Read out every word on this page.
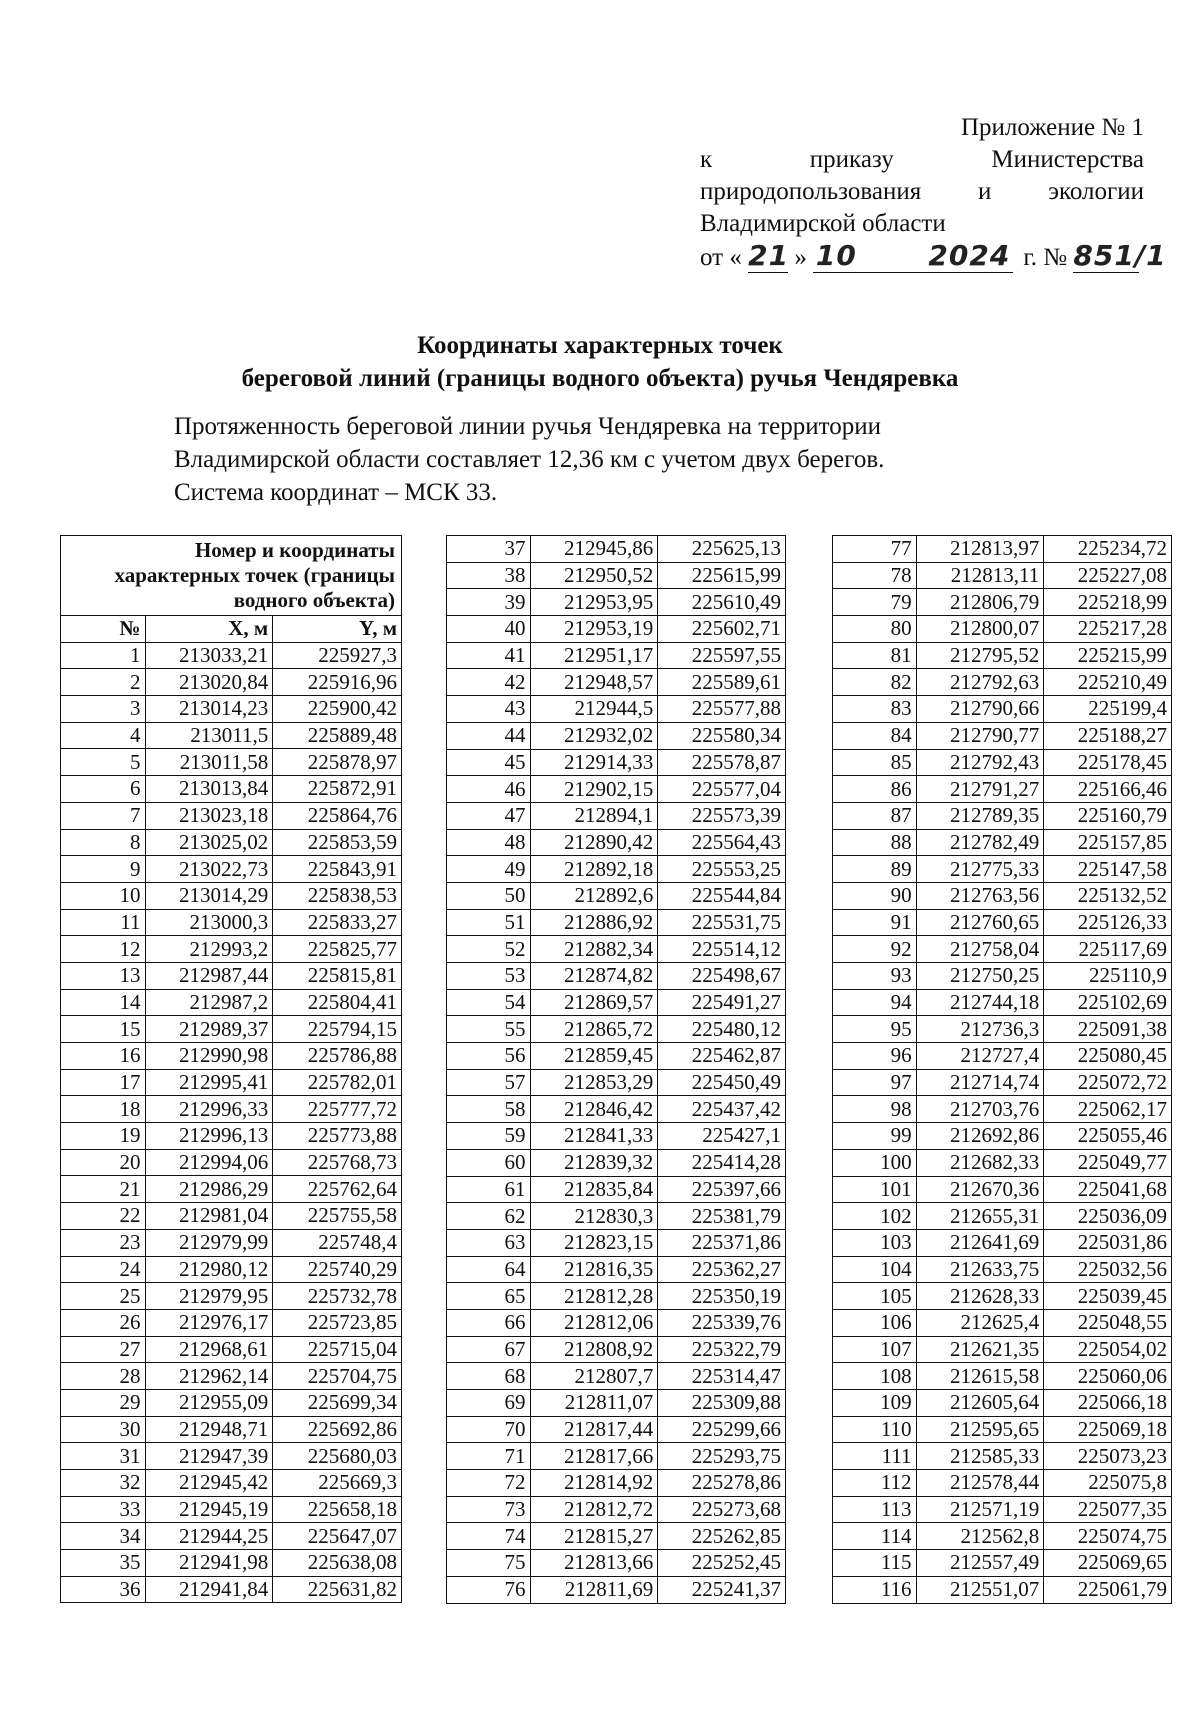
Приложение № 1
к	приказу	Министерства
природопользования и экологии
Владимирской области
от « 21 » 10	2024 г. № 851/1
Координаты характерных точек
береговой линий (границы водного объекта) ручья Чендяревка
Протяженность береговой линии ручья Чендяревка на территории
Владимирской области составляет 12,36 км с учетом двух берегов.
Система координат – МСК 33.
Номер и координаты
характерных точек (границы
водного объекта)		

№	X, м	Y, м
1	213033,21	225927,3
2	213020,84	225916,96
3	213014,23	225900,42
4	213011,5	225889,48
5	213011,58	225878,97
6	213013,84	225872,91
7	213023,18	225864,76
8	213025,02	225853,59
9	213022,73	225843,91
10	213014,29	225838,53
11	213000,3	225833,27
12	212993,2	225825,77
13	212987,44	225815,81
14	212987,2	225804,41
15	212989,37	225794,15
16	212990,98	225786,88
17	212995,41	225782,01
18	212996,33	225777,72
19	212996,13	225773,88
20	212994,06	225768,73
21	212986,29	225762,64
22	212981,04	225755,58
23	212979,99	225748,4
24	212980,12	225740,29
25	212979,95	225732,78
26	212976,17	225723,85
27	212968,61	225715,04
28	212962,14	225704,75
29	212955,09	225699,34
30	212948,71	225692,86
31	212947,39	225680,03
32	212945,42	225669,3
33	212945,19	225658,18
34	212944,25	225647,07
35	212941,98	225638,08
36	212941,84	225631,82
37	212945,86	225625,13
38	212950,52	225615,99
39	212953,95	225610,49
40	212953,19	225602,71
41	212951,17	225597,55
42	212948,57	225589,61
43	212944,5	225577,88
44	212932,02	225580,34
45	212914,33	225578,87
46	212902,15	225577,04
47	212894,1	225573,39
48	212890,42	225564,43
49	212892,18	225553,25
50	212892,6	225544,84
51	212886,92	225531,75
52	212882,34	225514,12
53	212874,82	225498,67
54	212869,57	225491,27
55	212865,72	225480,12
56	212859,45	225462,87
57	212853,29	225450,49
58	212846,42	225437,42
59	212841,33	225427,1
60	212839,32	225414,28
61	212835,84	225397,66
62	212830,3	225381,79
63	212823,15	225371,86
64	212816,35	225362,27
65	212812,28	225350,19
66	212812,06	225339,76
67	212808,92	225322,79
68	212807,7	225314,47
69	212811,07	225309,88
70	212817,44	225299,66
71	212817,66	225293,75
72	212814,92	225278,86
73	212812,72	225273,68
74	212815,27	225262,85
75	212813,66	225252,45
76	212811,69	225241,37
77	212813,97	225234,72
78	212813,11	225227,08
79	212806,79	225218,99
80	212800,07	225217,28
81	212795,52	225215,99
82	212792,63	225210,49
83	212790,66	225199,4
84	212790,77	225188,27
85	212792,43	225178,45
86	212791,27	225166,46
87	212789,35	225160,79
88	212782,49	225157,85
89	212775,33	225147,58
90	212763,56	225132,52
91	212760,65	225126,33
92	212758,04	225117,69
93	212750,25	225110,9
94	212744,18	225102,69
95	212736,3	225091,38
96	212727,4	225080,45
97	212714,74	225072,72
98	212703,76	225062,17
99	212692,86	225055,46
100	212682,33	225049,77
101	212670,36	225041,68
102	212655,31	225036,09
103	212641,69	225031,86
104	212633,75	225032,56
105	212628,33	225039,45
106	212625,4	225048,55
107	212621,35	225054,02
108	212615,58	225060,06
109	212605,64	225066,18
110	212595,65	225069,18
111	212585,33	225073,23
112	212578,44	225075,8
113	212571,19	225077,35
114	212562,8	225074,75
115	212557,49	225069,65
116	212551,07	225061,79
